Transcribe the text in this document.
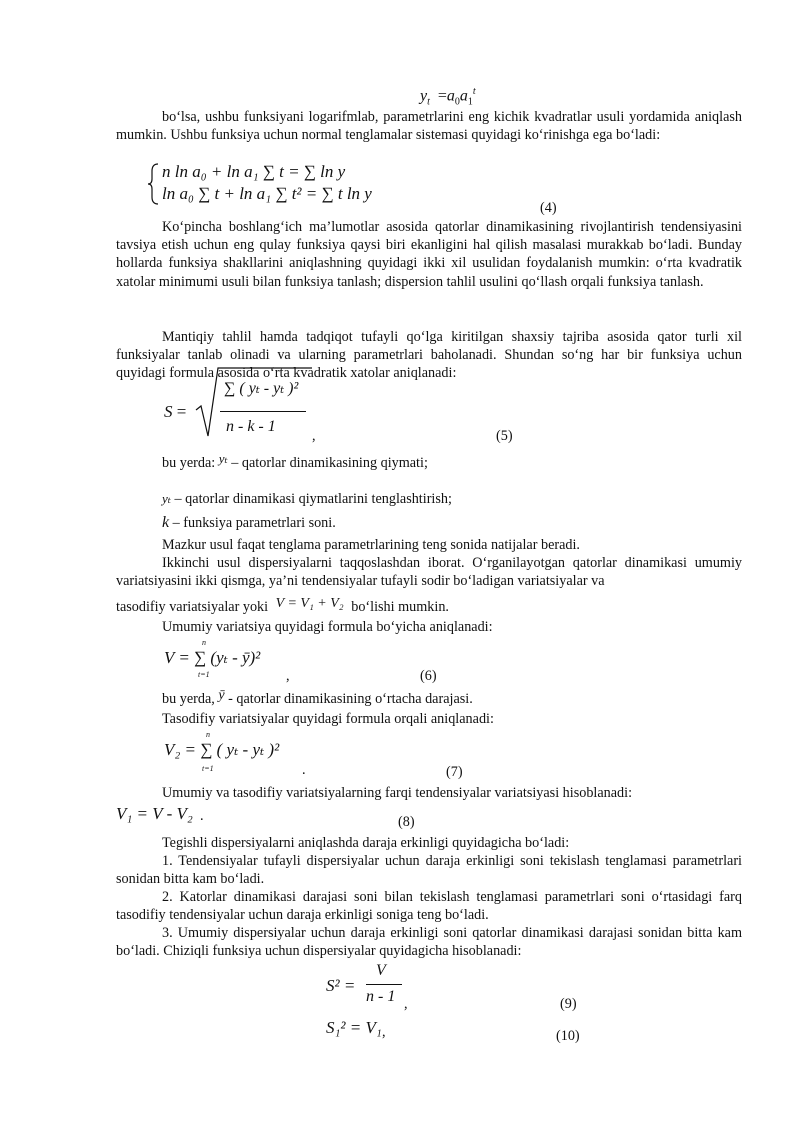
$y_t =a_0a_1^t$

bo‘lsa, ushbu funksiyani logarifmlab, parametrlarini eng kichik kvadratlar usuli yordamida aniqlash mumkin. Ushbu funksiya uchun normal tenglamalar sistemasi quyidagi ko‘rinishga ega bo‘ladi:

n ln a₀ + ln a₁ ∑ t = ∑ ln y
ln a₀ ∑ t + ln a₁ ∑ t² = ∑ t ln y
(4)

Ko‘pincha boshlang‘ich ma’lumotlar asosida qatorlar dinamikasining rivojlantirish tendensiyasini tavsiya etish uchun eng qulay funksiya qaysi biri ekanligini hal qilish masalasi murakkab bo‘ladi. Bunday hollarda funksiya shakllarini aniqlashning quyidagi ikki xil usulidan foydalanish mumkin: o‘rta kvadratik xatolar minimumi usuli bilan funksiya tanlash; dispersion tahlil usulini qo‘llash orqali funksiya tanlash.

Mantiqiy tahlil hamda tadqiqot tufayli qo‘lga kiritilgan shaxsiy tajriba asosida qator turli xil funksiyalar tanlab olinadi va ularning parametrlari baholanadi. Shundan so‘ng har bir funksiya uchun quyidagi formula asosida o‘rta kvadratik xatolar aniqlanadi:

S =
∑ ( yₜ - yₜ )²
n - k - 1
,	(5)
bu yerda: yₜ – qatorlar dinamikasining qiymati;
yₜ – qatorlar dinamikasi qiymatlarini tenglashtirish;
k – funksiya parametrlari soni.

Mazkur usul faqat tenglama parametrlarining teng sonida natijalar beradi.

Ikkinchi usul dispersiyalarni taqqoslashdan iborat. O‘rganilayotgan qatorlar dinamikasi umumiy variatsiyasini ikki qismga, ya’ni tendensiyalar tufayli sodir bo‘ladigan variatsiyalar va

tasodifiy variatsiyalar yoki V = V₁ + V₂ bo‘lishi mumkin.

Umumiy variatsiya quyidagi formula bo‘yicha aniqlanadi:

n
V = ∑ (yₜ - ȳ)²
t=1	,	(6)
bu yerda, ȳ - qatorlar dinamikasining o‘rtacha darajasi.

Tasodifiy variatsiyalar quyidagi formula orqali aniqlanadi:

n
V₂ = ∑ ( yₜ - yₜ )²
t=1	.	(7)

Umumiy va tasodifiy variatsiyalarning farqi tendensiyalar variatsiyasi hisoblanadi:

V₁ = V - V₂ .	(8)

Tegishli dispersiyalarni aniqlashda daraja erkinligi quyidagicha bo‘ladi:

1. Tendensiyalar tufayli dispersiyalar uchun daraja erkinligi soni tekislash tenglamasi parametrlari sonidan bitta kam bo‘ladi.

2. Katorlar dinamikasi darajasi soni bilan tekislash tenglamasi parametrlari soni o‘rtasidagi farq tasodifiy tendensiyalar uchun daraja erkinligi soniga teng bo‘ladi.

3. Umumiy dispersiyalar uchun daraja erkinligi soni qatorlar dinamikasi darajasi sonidan bitta kam bo‘ladi. Chiziqli funksiya uchun dispersiyalar quyidagicha hisoblanadi:

S² =
V
n - 1 ,	(9)
S₁² = V₁ ,	(10)
